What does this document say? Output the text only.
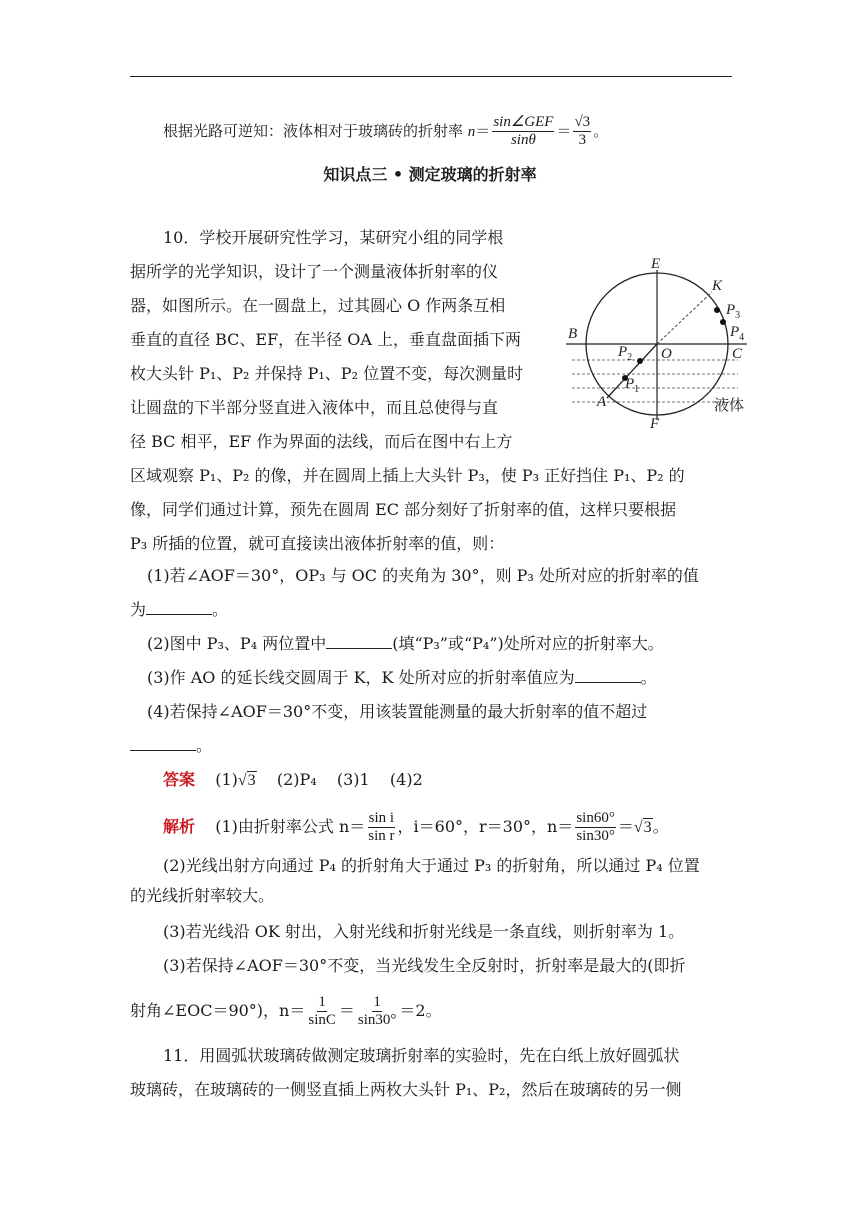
根据光路可逆知：液体相对于玻璃砖的折射率 $n= \frac{\text{sin∠GEF}}{\sin\theta} = \frac{√3}{3}$ 。
知识点三 • 测定玻璃的折射率
10．学校开展研究性学习，某研究小组的同学根
据所学的光学知识，设计了一个测量液体折射率的仪
器，如图所示。在一圆盘上，过其圆心 O 作两条互相
垂直的直径 BC、EF，在半径 OA 上，垂直盘面插下两
枚大头针 P₁、P₂ 并保持 P₁、P₂ 位置不变，每次测量时
让圆盘的下半部分竖直进入液体中，而且总使得与直
径 BC 相平，EF 作为界面的法线，而后在图中右上方
区域观察 P₁、P₂ 的像，并在圆周上插上大头针 P₃，使 P₃ 正好挡住 P₁、P₂ 的
像，同学们通过计算，预先在圆周 EC 部分刻好了折射率的值，这样只要根据
P₃ 所插的位置，就可直接读出液体折射率的值，则：
(1)若∠AOF＝30°，OP₃ 与 OC 的夹角为 30°，则 P₃ 处所对应的折射率的值
为	。
(2)图中 P₃、P₄ 两位置中	(填“P₃”或“P₄”)处所对应的折射率大。
(3)作 AO 的延长线交圆周于 K，K 处所对应的折射率值应为	。
(4)若保持∠AOF＝30°不变，用该装置能测量的最大折射率的值不超过
。
答案 (1)√3 (2)P₄ (3)1 (4)2
解析 (1)由折射率公式 $n= \frac{\text{sin i}}{\text{sin r}}$ ，i＝60°，r＝30°，$n= \frac{\sin 60^\circ}{\sin 30^\circ} =√3$。
(2)光线出射方向通过 P₄ 的折射角大于通过 P₃ 的折射角，所以通过 P₄ 位置
的光线折射率较大。
(3)若光线沿 OK 射出，入射光线和折射光线是一条直线，则折射率为 1。
(3)若保持∠AOF＝30°不变，当光线发生全反射时，折射率是最大的(即折
射角∠EOC＝90°)，$n= \frac{1}{\sin C} = \frac{1}{\sin 30^\circ} =2$。
11．用圆弧状玻璃砖做测定玻璃折射率的实验时，先在白纸上放好圆弧状
玻璃砖，在玻璃砖的一侧竖直插上两枚大头针 P₁、P₂，然后在玻璃砖的另一侧
E
K
$P_3$
$P_4$
B
O	C
$P_2$
$P_1$
A
F
液体
